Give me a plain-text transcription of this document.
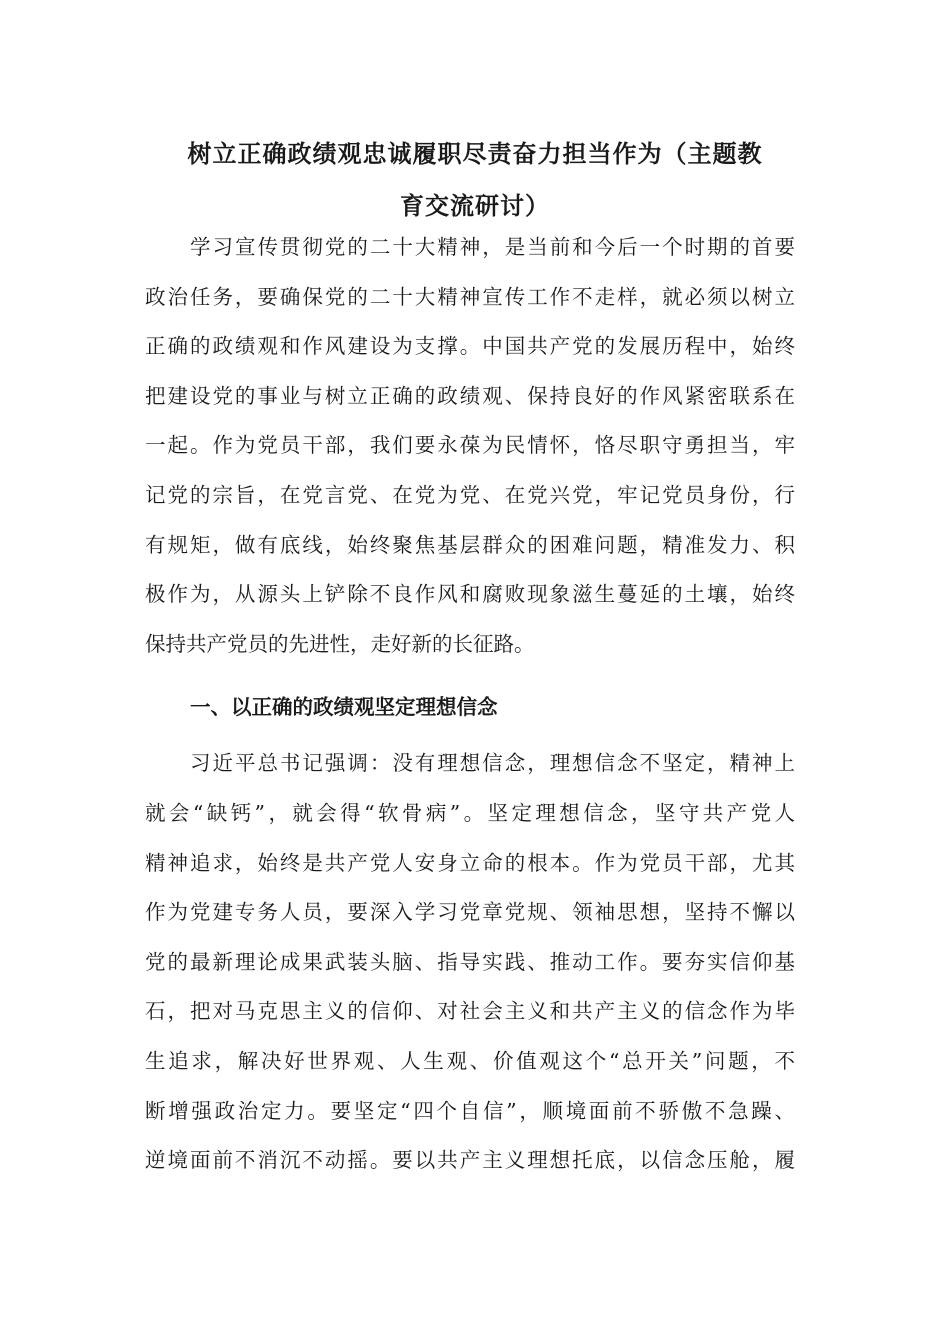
树立正确政绩观忠诚履职尽责奋力担当作为（主题教
育交流研讨）
学习宣传贯彻党的二十大精神，是当前和今后一个时期的首要
政治任务，要确保党的二十大精神宣传工作不走样，就必须以树立
正确的政绩观和作风建设为支撑。中国共产党的发展历程中，始终
把建设党的事业与树立正确的政绩观、保持良好的作风紧密联系在
一起。作为党员干部，我们要永葆为民情怀，恪尽职守勇担当，牢
记党的宗旨，在党言党、在党为党、在党兴党，牢记党员身份，行
有规矩，做有底线，始终聚焦基层群众的困难问题，精准发力、积
极作为，从源头上铲除不良作风和腐败现象滋生蔓延的土壤，始终
保持共产党员的先进性，走好新的长征路。
一、以正确的政绩观坚定理想信念
习近平总书记强调：没有理想信念，理想信念不坚定，精神上
就会“缺钙”，就会得“软骨病”。坚定理想信念，坚守共产党人
精神追求，始终是共产党人安身立命的根本。作为党员干部，尤其
作为党建专务人员，要深入学习党章党规、领袖思想，坚持不懈以
党的最新理论成果武装头脑、指导实践、推动工作。要夯实信仰基
石，把对马克思主义的信仰、对社会主义和共产主义的信念作为毕
生追求，解决好世界观、人生观、价值观这个“总开关”问题，不
断增强政治定力。要坚定“四个自信”，顺境面前不骄傲不急躁、
逆境面前不消沉不动摇。要以共产主义理想托底，以信念压舱，履
